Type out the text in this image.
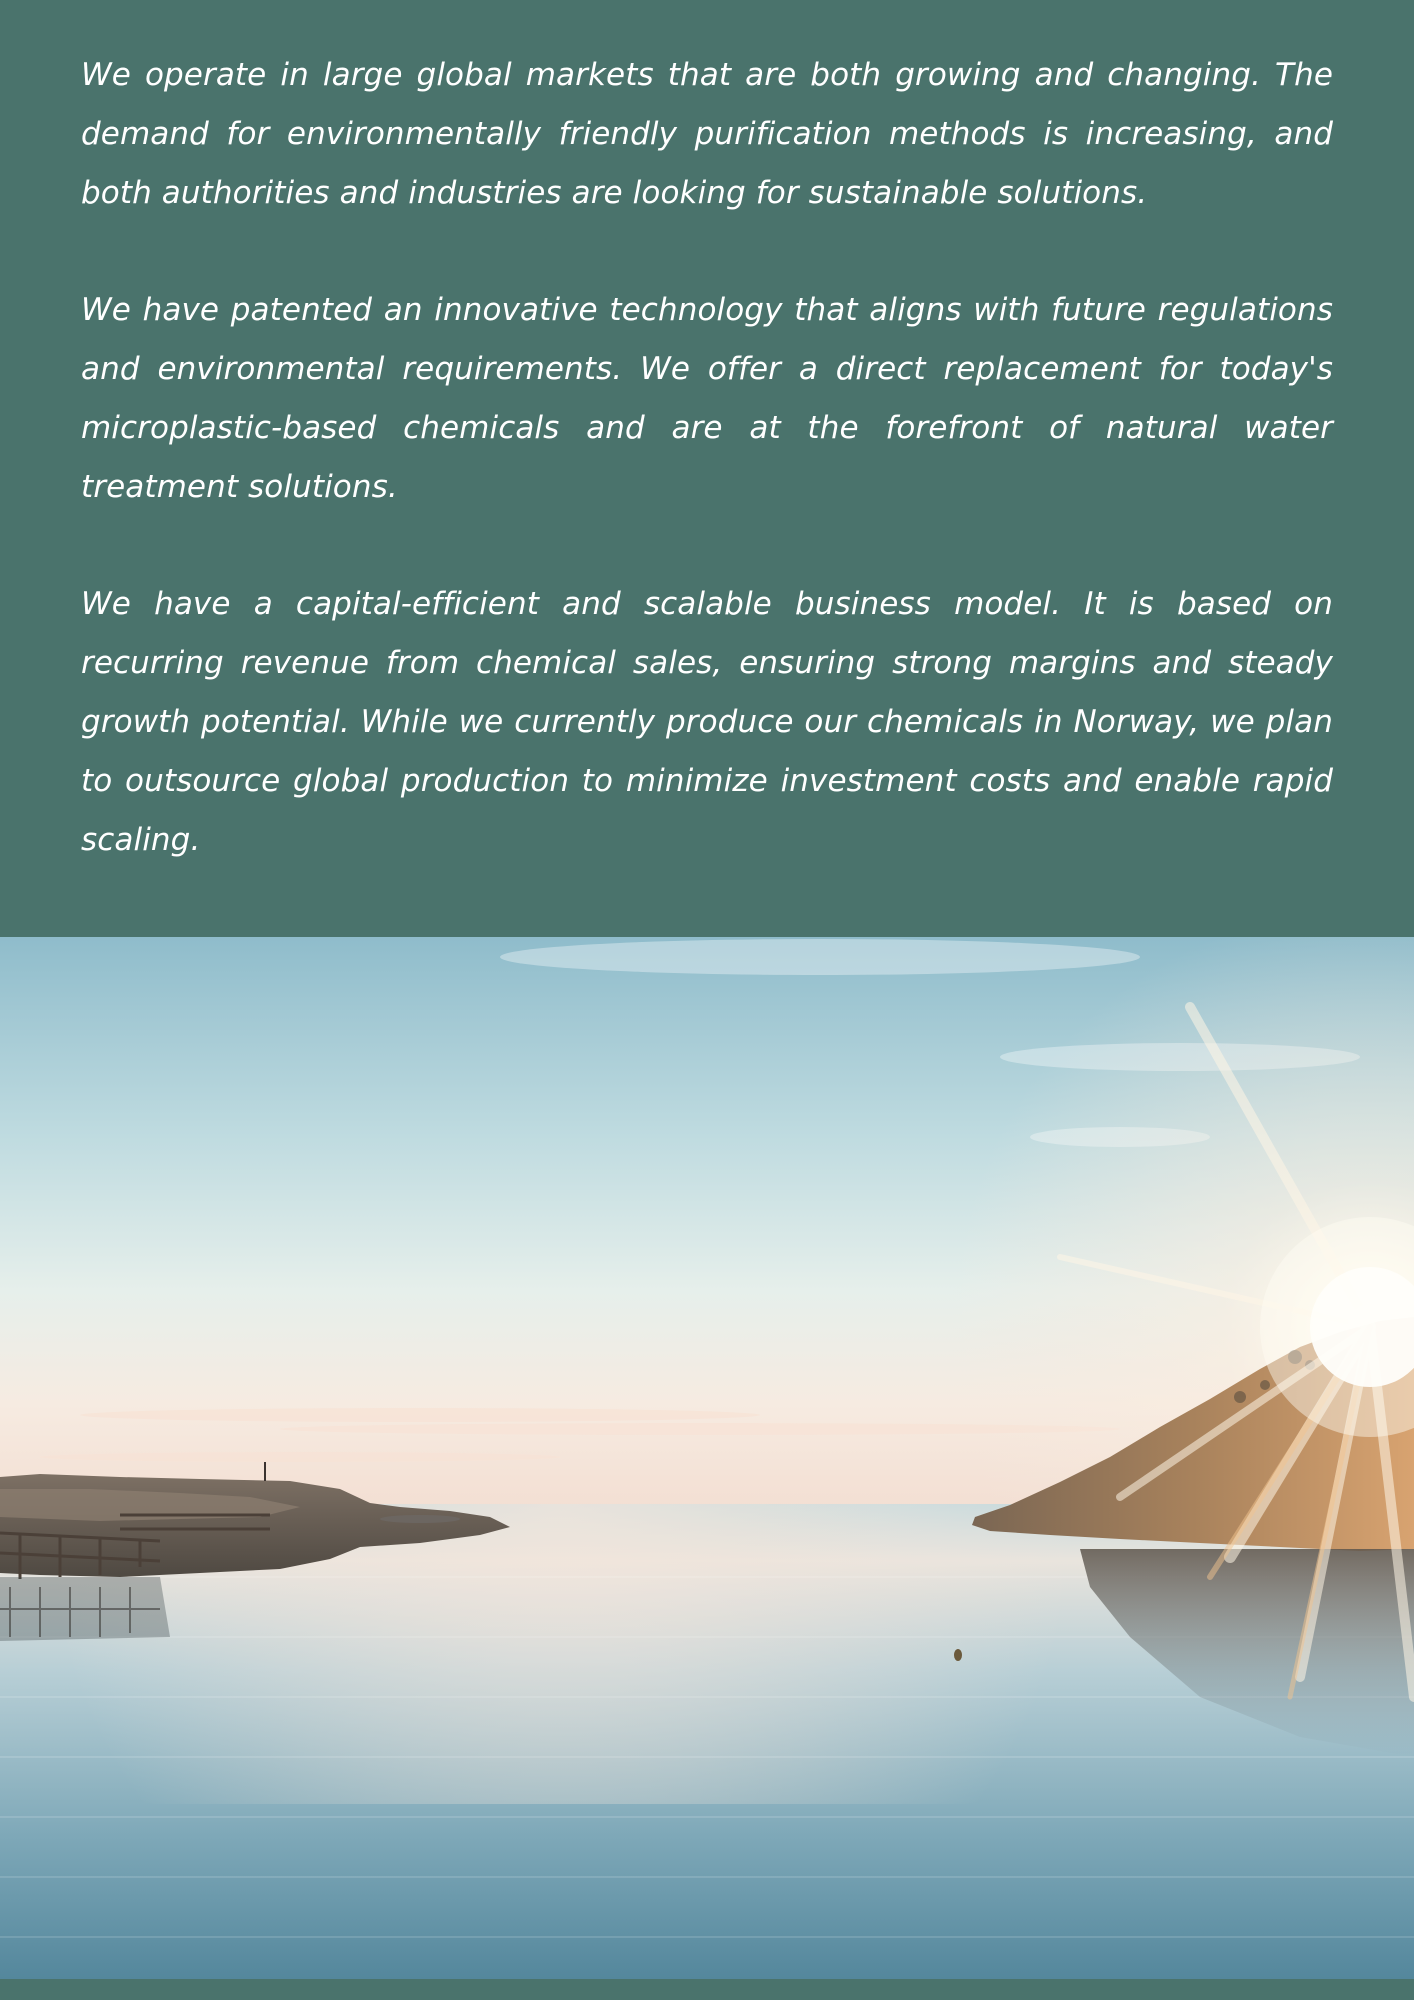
We operate in large global markets that are both growing and changing. The demand for environmentally friendly purification methods is increasing, and both authorities and industries are looking for sustainable solutions.

We have patented an innovative technology that aligns with future regulations and environmental requirements. We offer a direct replacement for today's microplastic-based chemicals and are at the forefront of natural water treatment solutions.

We have a capital-efficient and scalable business model. It is based on recurring revenue from chemical sales, ensuring strong margins and steady growth potential. While we currently produce our chemicals in Norway, we plan to outsource global production to minimize investment costs and enable rapid scaling.
